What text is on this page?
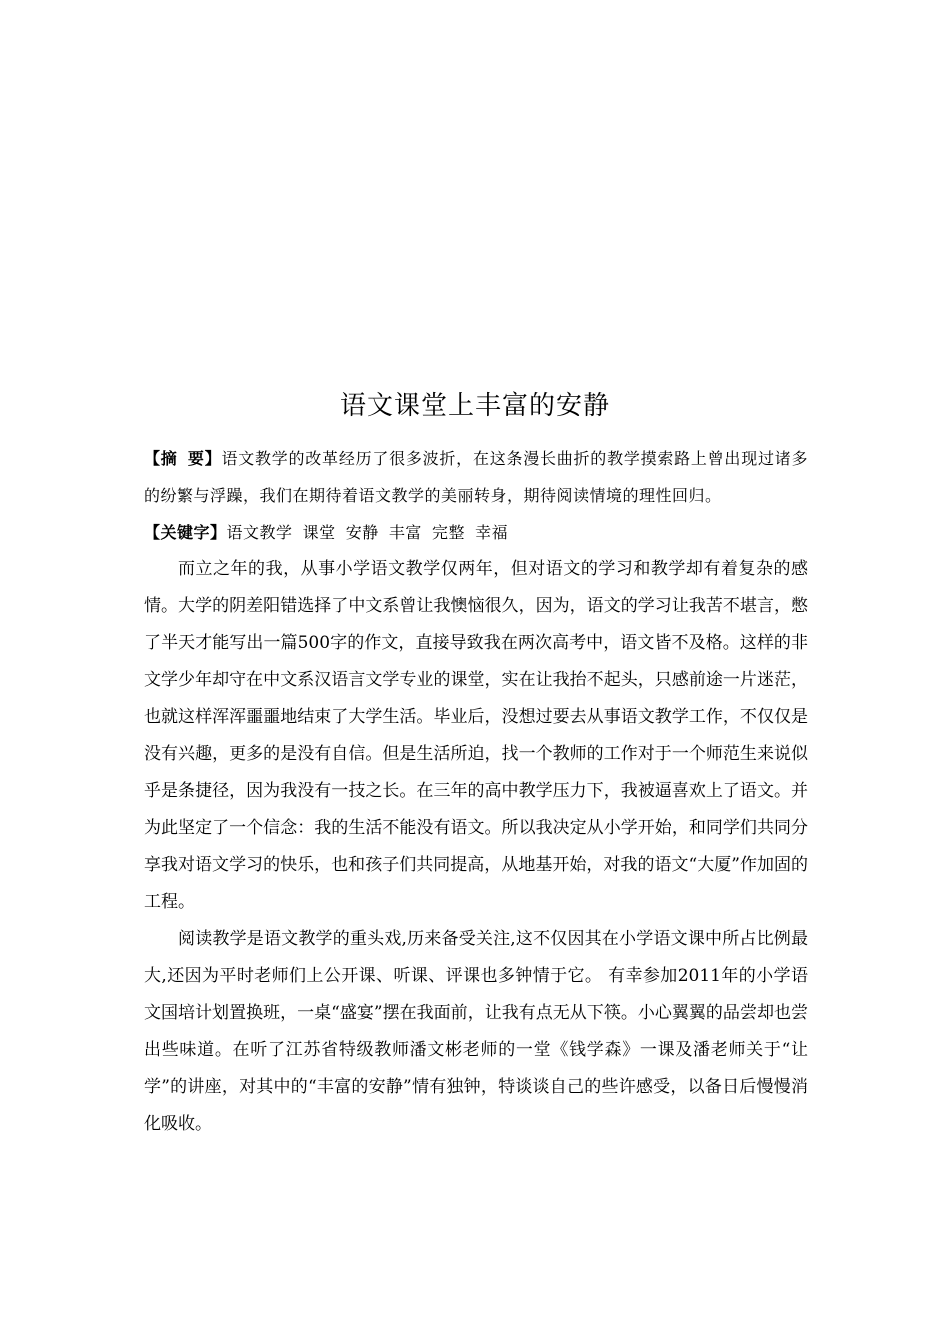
语文课堂上丰富的安静

【摘 要】语文教学的改革经历了很多波折，在这条漫长曲折的教学摸索路上曾出现过诸多的纷繁与浮躁，我们在期待着语文教学的美丽转身，期待阅读情境的理性回归。

【关键字】语文教学 课堂 安静 丰富 完整 幸福

而立之年的我，从事小学语文教学仅两年，但对语文的学习和教学却有着复杂的感情。大学的阴差阳错选择了中文系曾让我懊恼很久，因为，语文的学习让我苦不堪言，憋了半天才能写出一篇500字的作文，直接导致我在两次高考中，语文皆不及格。这样的非文学少年却守在中文系汉语言文学专业的课堂，实在让我抬不起头，只感前途一片迷茫，也就这样浑浑噩噩地结束了大学生活。毕业后，没想过要去从事语文教学工作，不仅仅是没有兴趣，更多的是没有自信。但是生活所迫，找一个教师的工作对于一个师范生来说似乎是条捷径，因为我没有一技之长。在三年的高中教学压力下，我被逼喜欢上了语文。并为此坚定了一个信念：我的生活不能没有语文。所以我决定从小学开始，和同学们共同分享我对语文学习的快乐，也和孩子们共同提高，从地基开始，对我的语文“大厦”作加固的工程。

阅读教学是语文教学的重头戏,历来备受关注,这不仅因其在小学语文课中所占比例最大,还因为平时老师们上公开课、听课、评课也多钟情于它。 有幸参加2011年的小学语文国培计划置换班，一桌“盛宴”摆在我面前，让我有点无从下筷。小心翼翼的品尝却也尝出些味道。在听了江苏省特级教师潘文彬老师的一堂《钱学森》一课及潘老师关于“让学”的讲座，对其中的“丰富的安静”情有独钟，特谈谈自己的些许感受，以备日后慢慢消化吸收。
